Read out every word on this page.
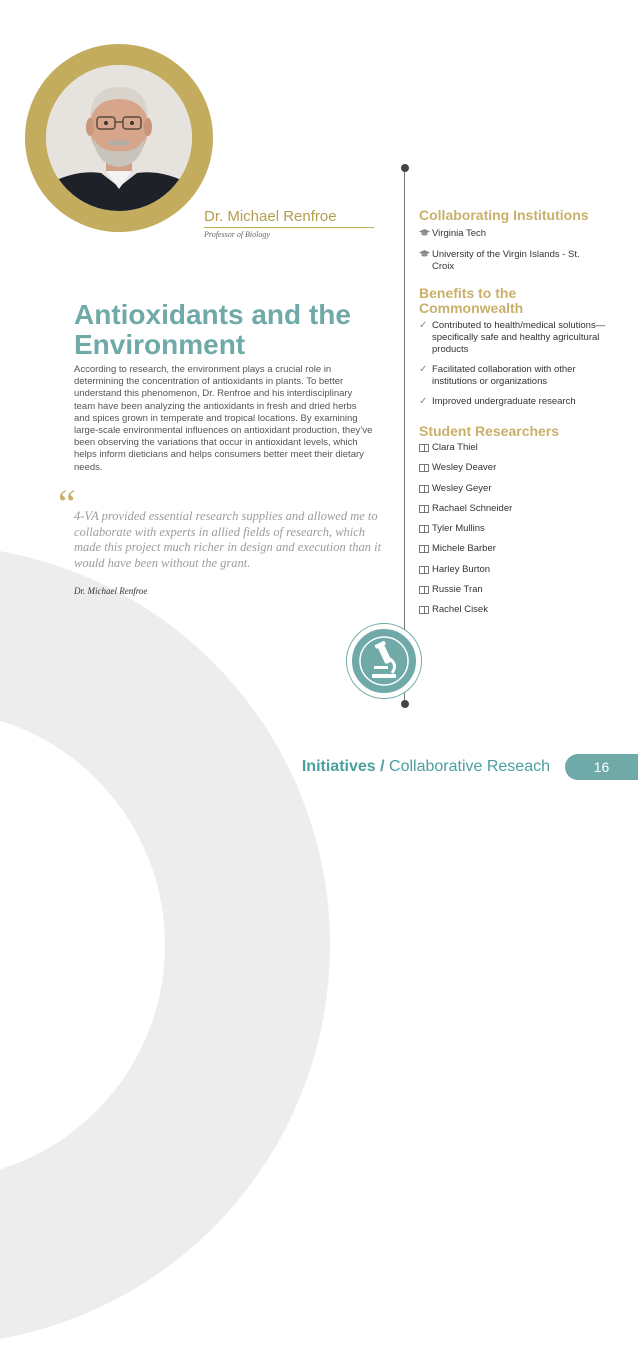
Dr. Michael Renfroe
Professor of Biology
Antioxidants and the
Environment
According to research, the environment plays a crucial role in determining the concentration of antioxidants in plants. To better understand this phenomenon, Dr. Renfroe and his interdisciplinary team have been analyzing the antioxidants in fresh and dried herbs and spices grown in temperate and tropical locations. By examining large-scale environmental influences on antioxidant production, they’ve been observing the variations that occur in antioxidant levels, which helps inform dieticians and helps consumers better meet their dietary needs.
“
4-VA provided essential research supplies and allowed me to collaborate with experts in allied fields of research, which made this project much richer in design and execution than it would have been without the grant.
Dr. Michael Renfroe
Collaborating Institutions
Virginia Tech
University of the Virgin Islands - St. Croix
Benefits to the
Commonwealth
✓ Contributed to health/medical solutions—specifically safe and healthy agricultural products
✓ Facilitated collaboration with other institutions or organizations
✓ Improved undergraduate research
Student Researchers
Clara Thiel
Wesley Deaver
Wesley Geyer
Rachael Schneider
Tyler Mullins
Michele Barber
Harley Burton
Russie Tran
Rachel Cisek
Initiatives / Collaborative Reseach	16
